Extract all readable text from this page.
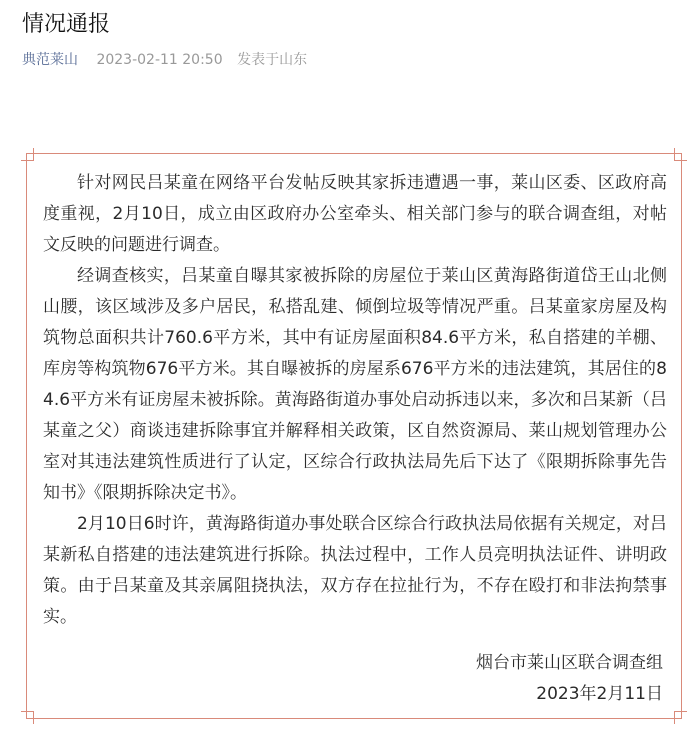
情况通报
典范莱山 2023-02-11 20:50 发表于山东

针对网民吕某童在网络平台发帖反映其家拆违遭遇一事，莱山区委、区政府高度重视，2月10日，成立由区政府办公室牵头、相关部门参与的联合调查组，对帖文反映的问题进行调查。

经调查核实，吕某童自曝其家被拆除的房屋位于莱山区黄海路街道岱王山北侧山腰，该区域涉及多户居民，私搭乱建、倾倒垃圾等情况严重。吕某童家房屋及构筑物总面积共计760.6平方米，其中有证房屋面积84.6平方米，私自搭建的羊棚、库房等构筑物676平方米。其自曝被拆的房屋系676平方米的违法建筑，其居住的84.6平方米有证房屋未被拆除。黄海路街道办事处启动拆违以来，多次和吕某新（吕某童之父）商谈违建拆除事宜并解释相关政策，区自然资源局、莱山规划管理办公室对其违法建筑性质进行了认定，区综合行政执法局先后下达了《限期拆除事先告知书》《限期拆除决定书》。

2月10日6时许，黄海路街道办事处联合区综合行政执法局依据有关规定，对吕某新私自搭建的违法建筑进行拆除。执法过程中，工作人员亮明执法证件、讲明政策。由于吕某童及其亲属阻挠执法，双方存在拉扯行为，不存在殴打和非法拘禁事实。

烟台市莱山区联合调查组
2023年2月11日
